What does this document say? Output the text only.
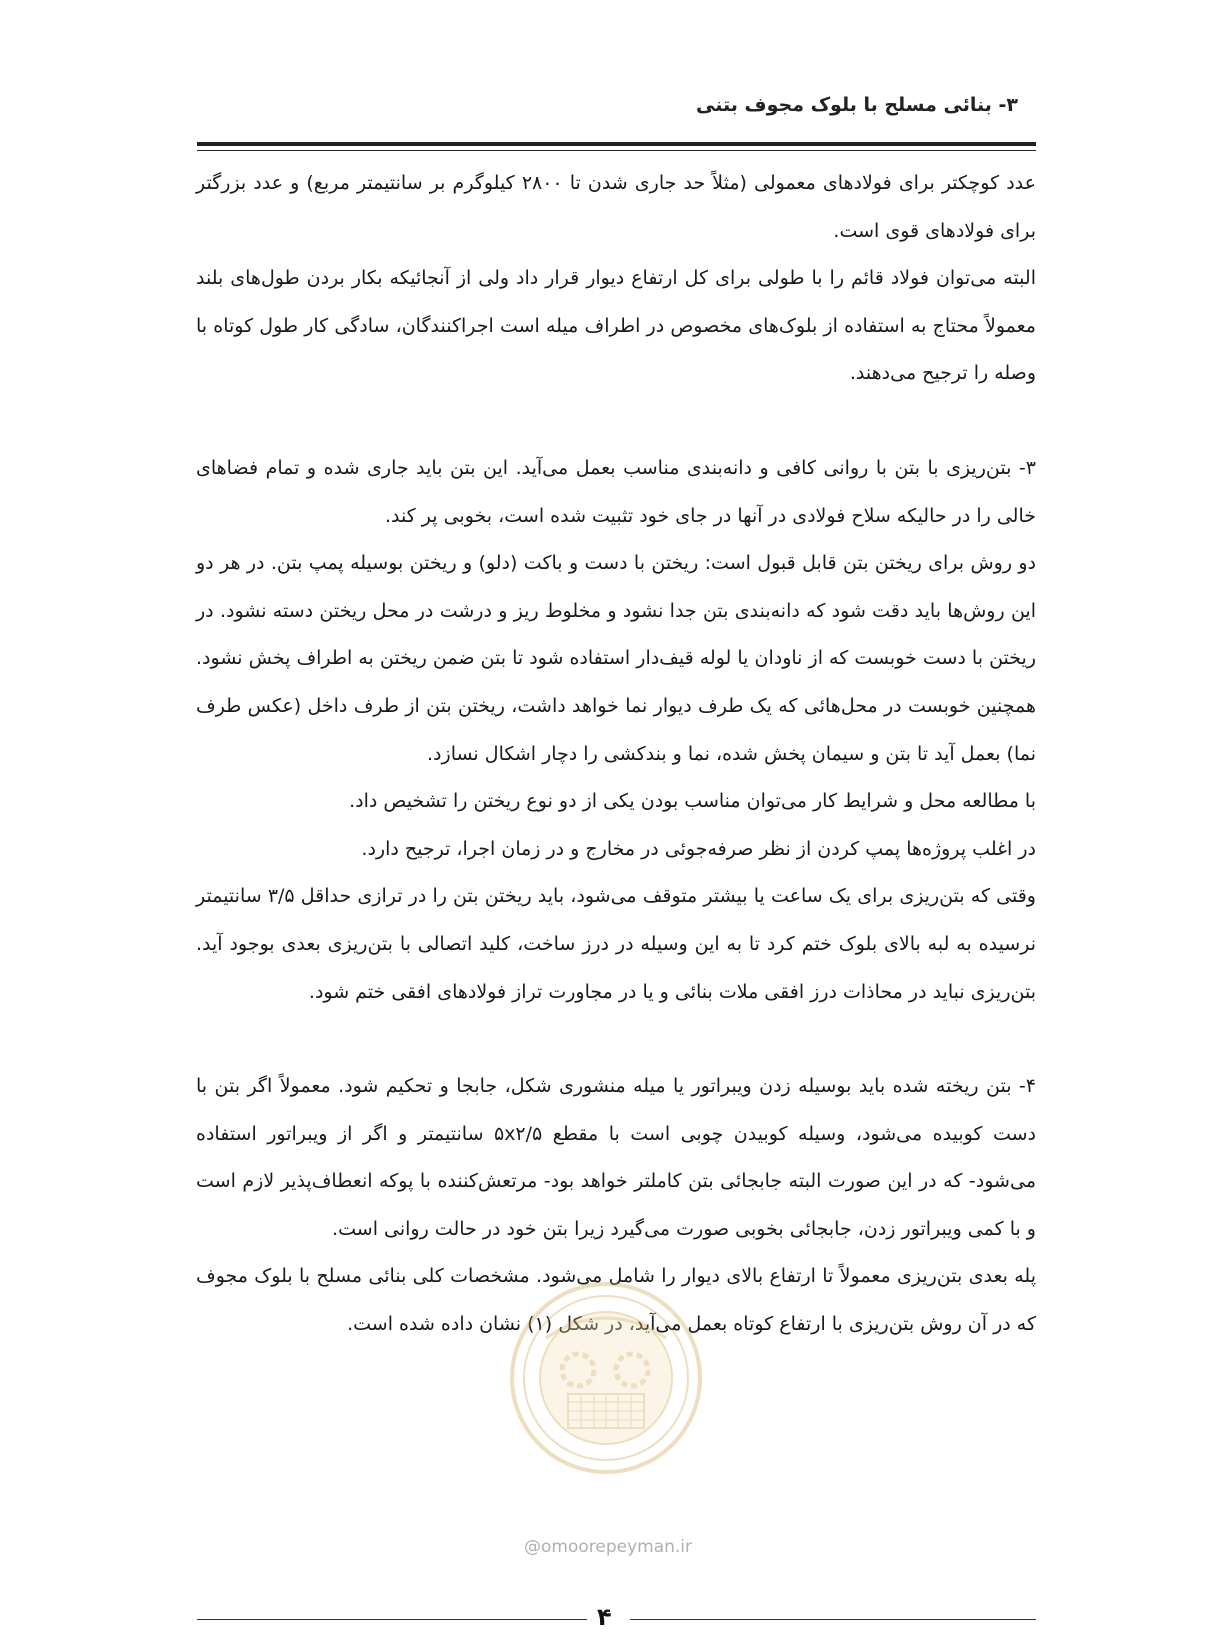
۳- بنائی مسلح با بلوک مجوف بتنی

عدد کوچکتر برای فولادهای معمولی (مثلاً حد جاری شدن تا ۲۸۰۰ کیلوگرم بر سانتیمتر مربع) و عدد بزرگتر برای فولادهای قوی است.

البته می‌توان فولاد قائم را با طولی برای کل ارتفاع دیوار قرار داد ولی از آنجائیکه بکار بردن طول‌های بلند معمولاً محتاج به استفاده از بلوک‌های مخصوص در اطراف میله است اجراکنندگان، سادگی کار طول کوتاه با وصله را ترجیح می‌دهند.

۳- بتن‌ریزی با بتن با روانی کافی و دانه‌بندی مناسب بعمل می‌آید. این بتن باید جاری شده و تمام فضاهای خالی را در حالیکه سلاح فولادی در آنها در جای خود تثبیت شده است، بخوبی پر کند.

دو روش برای ریختن بتن قابل قبول است: ریختن با دست و باکت (دلو) و ریختن بوسیله پمپ بتن. در هر دو این روش‌ها باید دقت شود که دانه‌بندی بتن جدا نشود و مخلوط ریز و درشت در محل ریختن دسته نشود. در ریختن با دست خوبست که از ناودان یا لوله قیف‌دار استفاده شود تا بتن ضمن ریختن به اطراف پخش نشود. همچنین خوبست در محل‌هائی که یک طرف دیوار نما خواهد داشت، ریختن بتن از طرف داخل (عکس طرف نما) بعمل آید تا بتن و سیمان پخش شده، نما و بندکشی را دچار اشکال نسازد.

با مطالعه محل و شرایط کار می‌توان مناسب بودن یکی از دو نوع ریختن را تشخیص داد.

در اغلب پروژه‌ها پمپ کردن از نظر صرفه‌جوئی در مخارج و در زمان اجرا، ترجیح دارد.

وقتی که بتن‌ریزی برای یک ساعت یا بیشتر متوقف می‌شود، باید ریختن بتن را در ترازی حداقل ۳/۵ سانتیمتر نرسیده به لبه بالای بلوک ختم کرد تا به این وسیله در درز ساخت، کلید اتصالی با بتن‌ریزی بعدی بوجود آید. بتن‌ریزی نباید در محاذات درز افقی ملات بنائی و یا در مجاورت تراز فولادهای افقی ختم شود.

۴- بتن ریخته شده باید بوسیله زدن ویبراتور یا میله منشوری شکل، جابجا و تحکیم شود. معمولاً اگر بتن با دست کوبیده می‌شود، وسیله کوبیدن چوبی است با مقطع ۵x۲/۵ سانتیمتر و اگر از ویبراتور استفاده می‌شود- که در این صورت البته جابجائی بتن کاملتر خواهد بود- مرتعش‌کننده با پوکه انعطاف‌پذیر لازم است و با کمی ویبراتور زدن، جابجائی بخوبی صورت می‌گیرد زیرا بتن خود در حالت روانی است.

پله بعدی بتن‌ریزی معمولاً تا ارتفاع بالای دیوار را شامل می‌شود. مشخصات کلی بنائی مسلح با بلوک مجوف که در آن روش بتن‌ریزی با ارتفاع کوتاه بعمل می‌آید، در شکل (۱) نشان داده شده است.

@omoorepeyman.ir
۴
